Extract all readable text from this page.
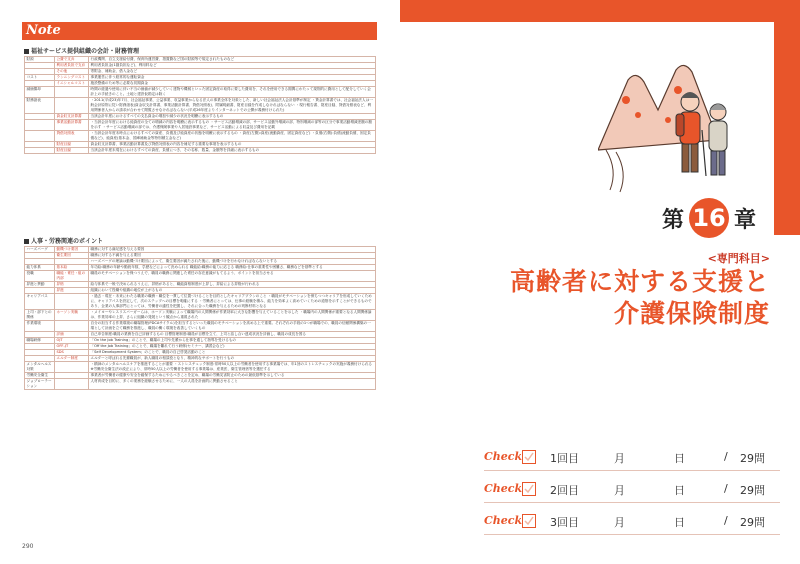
Note
福祉サービス提供組織の会計・財務管理
財源	公費で支弁	行政機関、自立支援給付費、保育所運営費、措置費など国の財源等で規定されたものなど
	利用者負担で支弁	利用者負担金(1割負担など)、利用料など
	その他	寄附金、補助金、借入金など
コスト	ランニングコスト	事業運営に伴う経常的な運転資金
	イニシャルコスト	施設整備のため等に必要な初期資金
減価償却		時間の経過や使用に伴い不当の価値が減少していく建物や機械といった固定資産の取得に要した費用を、それを使用できる期間にわたって規則的に費用として配分していく会計上の手続きのこと。土地と建設仮勘定は除く
財務諸表		・2011(平成23)年7月、社会福祉事業、公益事業、収益事業からなる法人の事業全体を対象とした、新しい社会福祉法人会計基準が制定 ・貸金計算書では、社会福祉法人は一般会計原則に従い財務諸表(資金収支計算書、事業活動計算書、貸借対照表)、附属明細書、財産目録を作成しなければならない ・現行報告書、財産目録、貸借対照表など、利用関係者人からの請求が合わせて閲覧させなければならない(平成26年度よりインターネットでの公開が義務付けられた)
	資金収支計算書	当該会計年度におけるすべての支払資金の増加や減少の状況を明瞭に表示するもの
	事業活動計算書	・当該会計年度における純資産の全ての増減の内容を明瞭に表示するもの ・サービス活動増減の部、サービス活動外増減の部、特別増減の部等の区分で事業活動増減差額の額を示す ・サービス活動増減の部では、介護保険事業や入居施設事業など、サービス活動による収益及び費用を記載
	貸借対照表	・当該会計年度末時点におけるすべての資産、負債及び純資産の状態を明瞭に表示するもの ・資産(左側):資産(流動資産、固定資産など) ・負債(右側):負債(流動負債、固定負債など)、純資産(基本金、国庫補助金等特別積立金など)
	財産目録	資金収支計算書、事業活動計算書及び貸借対照表の内容を補足する重要な事項を表示するもの
	財産目録	当該会計年度末現在におけるすべての資産、負債につき、その名称、数量、金額等を詳細に表示するもの
人事・労務関連のポイント
ハーズバーグ	動機づけ要因	職務に対する満足感を与える要因
	衛生要因	職務に対する不満を与える要因
		ハーズバーグの理論は動機づけ要因によって、衛生要因が満たされた後に、動機づけを行わなければならないとする
能力体系	基本給	年功給:職務の年齢や勤続年数、学歴などによって決められる 職能給:職務の能力に応じる 職務給:仕事の重要性や困難さ、職務などを基準とする
役職	職能・責任・組の内部	職員のモチベーションを保つうえで、職員の職務に関連した責任の存在意識がもてるよう、ポイントを担当させる
昇進と異動	昇格	給与体系で一般で決められるうえに、昇格があると、職能資格制度が上昇し、昇給による昇格が行われる
	昇進	組織において役職や組織の地位が上がるもの
キャリアパス		・過去・現在・未来にわたる職業の職務・職位を一貫して位置づけることを目的としたキャリアプランのこと ・職員がモチベーションを保ちつつキャリアを形成していくために、キャリアパスを設定して、次のステップへの目標を明確にする ・労働者にとっては、仕事の経験を積み、能力を効率よく高めていくための道筋を示すことができるものであり、企業の人事部門にとっては、労働者の適性を把握し、それに合った職務を与えるための判断材料となる
上司・部下との関係	ホーソン実験	・メイヨーやレスリスバーガーらは、ホーソン実験によって職場内の人間関係が作業効率に大きな影響を与えていることを示した ・職場内の人間関係が重要となる人間関係論は、作業効率の上昇、さらに組織の発展という観点から重視された
作業環境		自分の担当する作業環境の職場管理(PDCAサイクル)を担当するといった職員のモチベーションを高める上で重要。それぞれの手段の1つが職場での、職員の信頼関係構築の一環として計画を立て職務を推進し、職員の働く環境を改善していくもの
	評価	自己申告制度:職員の業務を自己評価するもの 目標管理制度:職員が目標を立て、上司と話し合い達成状況を評価し、職員の成長を図る
職場研修	OJT	「On the Job Training」のことで、職場の上司や先輩から仕事を通して指導を受けるもの
	OFF-JT	「Off the Job Training」のことで、職場を離れて行う研修(セミナー、講習会など)
	SDS	「Self Development System」のことで、職員の自己啓発活動のこと
	エルダー制度	エルダーと呼ばれる先輩職員が、新人職員の相談役となり、精神的なサポートを行うもの
メンタルヘルス対策		・精神のメンタルヘルスケアを推進することが重要 ・ストレスチェック制度:常時50人以上の労働者を使用する事業場では、年1回のストレスチェックの実施が義務付けられる ※労働安全衛生法の改正により、常時50人以上の労働者を使用する事業場は、産業医、衛生管理者等を選任する
労働安全衛生		事業者が労働者の健康や安全を確保するためにやるべきことを定め、職場の労働災害防止のための最低基準を示している
ジョブローテーション		人材育成を目的に、多くの業務を経験させるために、一人の人員を計画的に異動させること
290
第 16 章
<専門科目>
高齢者に対する支援と
介護保険制度
Check	1回目	月	日	/ 29問
Check	2回目	月	日	/ 29問
Check	3回目	月	日	/ 29問
